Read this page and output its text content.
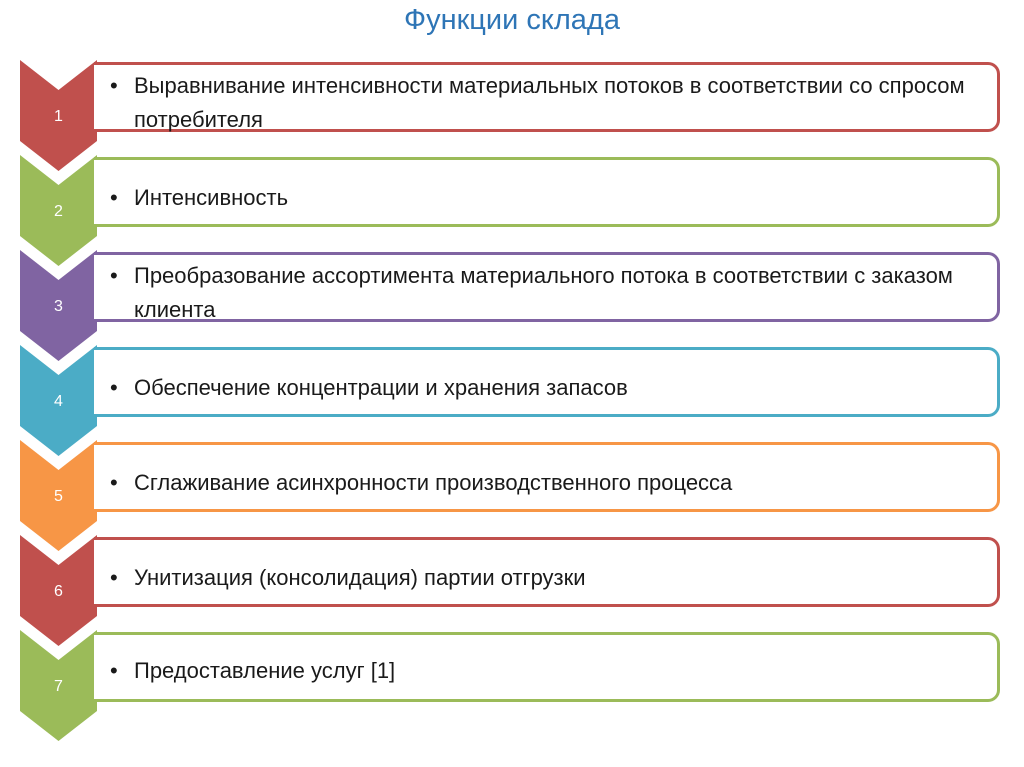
Функции склада
1
• Выравнивание интенсивности материальных потоков в соответствии со спросом потребителя
2
• Интенсивность
3
• Преобразование ассортимента материального потока в соответствии с заказом клиента
4
• Обеспечение концентрации и хранения запасов
5
• Сглаживание асинхронности производственного процесса
6
• Унитизация (консолидация) партии отгрузки
7
• Предоставление услуг [1]
